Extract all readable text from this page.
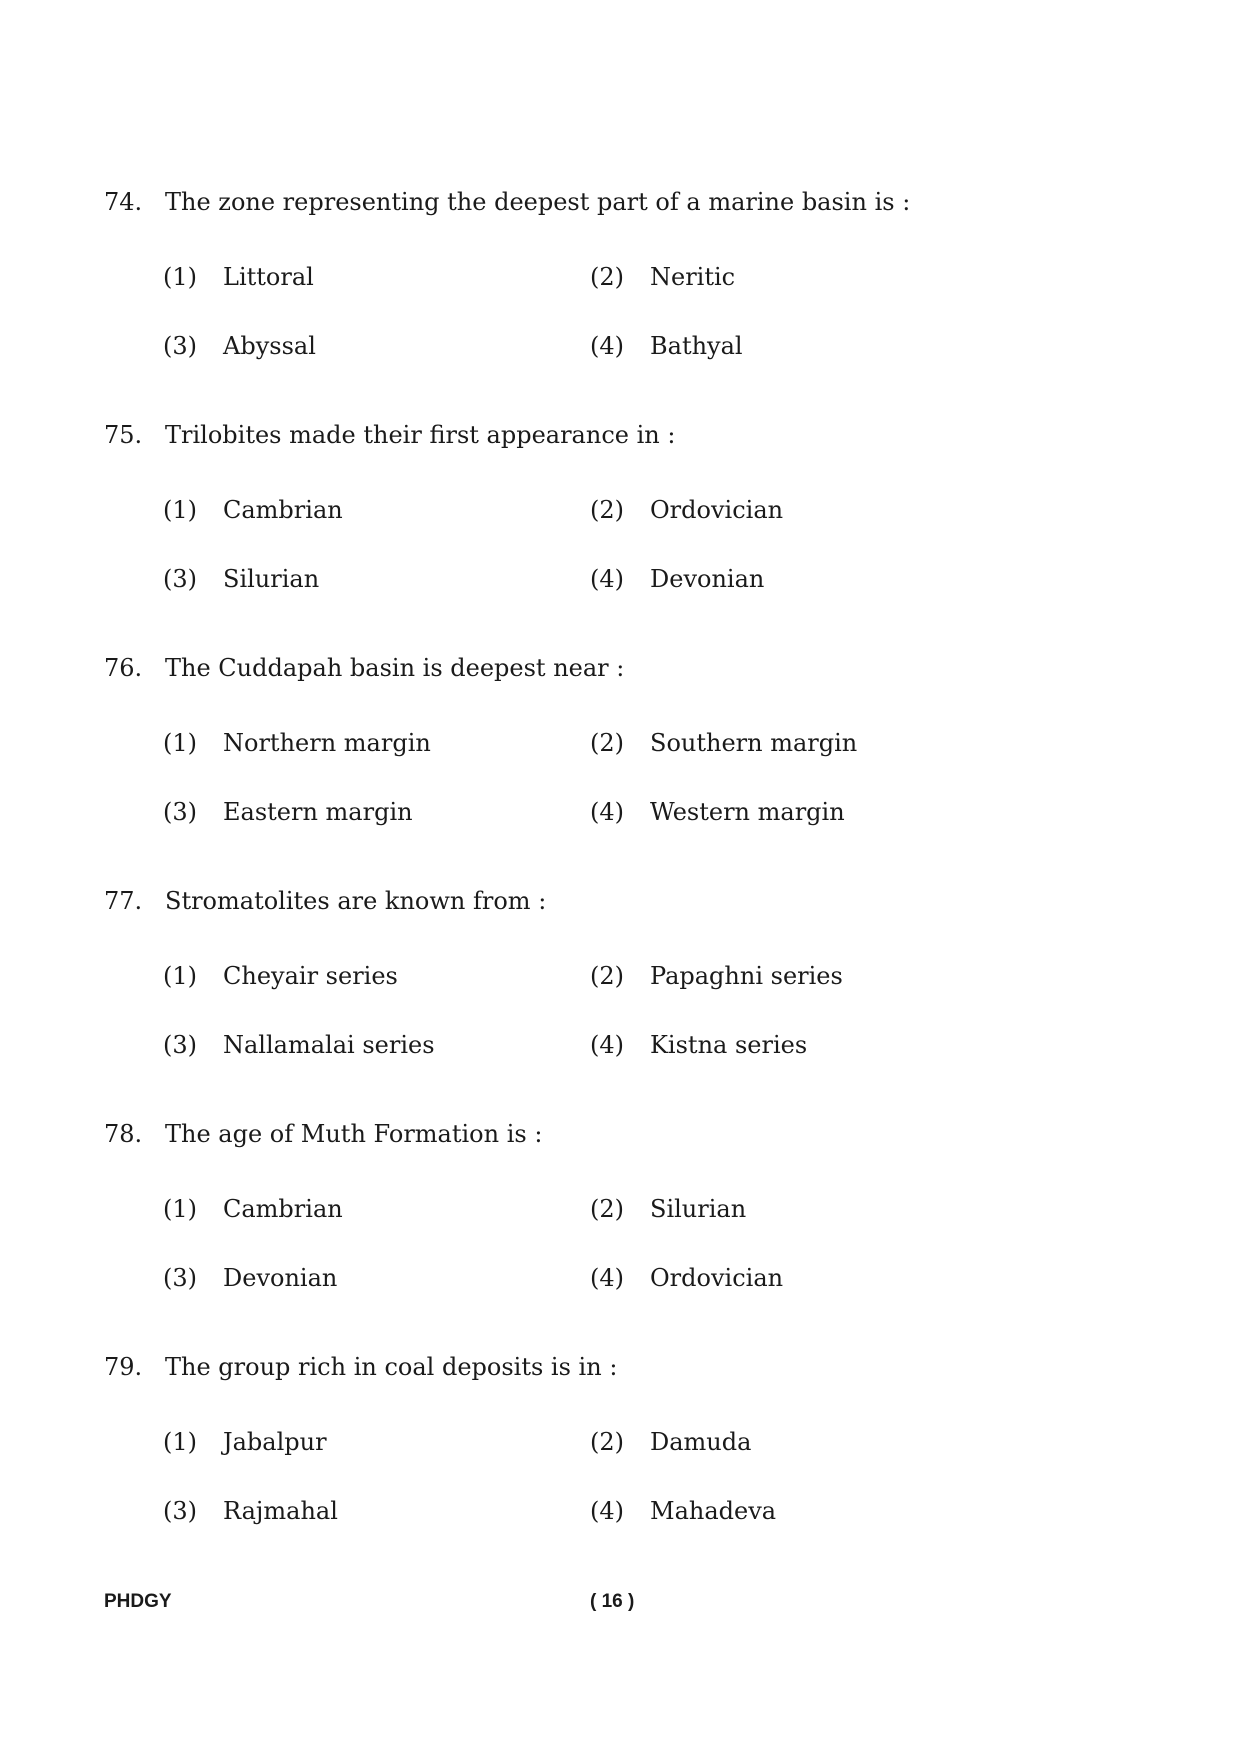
74. The zone representing the deepest part of a marine basin is :
(1) Littoral	(2) Neritic
(3) Abyssal	(4) Bathyal
75. Trilobites made their first appearance in :
(1) Cambrian	(2) Ordovician
(3) Silurian	(4) Devonian
76. The Cuddapah basin is deepest near :
(1) Northern margin	(2) Southern margin
(3) Eastern margin	(4) Western margin
77. Stromatolites are known from :
(1) Cheyair series	(2) Papaghni series
(3) Nallamalai series	(4) Kistna series
78. The age of Muth Formation is :
(1) Cambrian	(2) Silurian
(3) Devonian	(4) Ordovician
79. The group rich in coal deposits is in :
(1) Jabalpur	(2) Damuda
(3) Rajmahal	(4) Mahadeva
PHDGY	( 16 )
